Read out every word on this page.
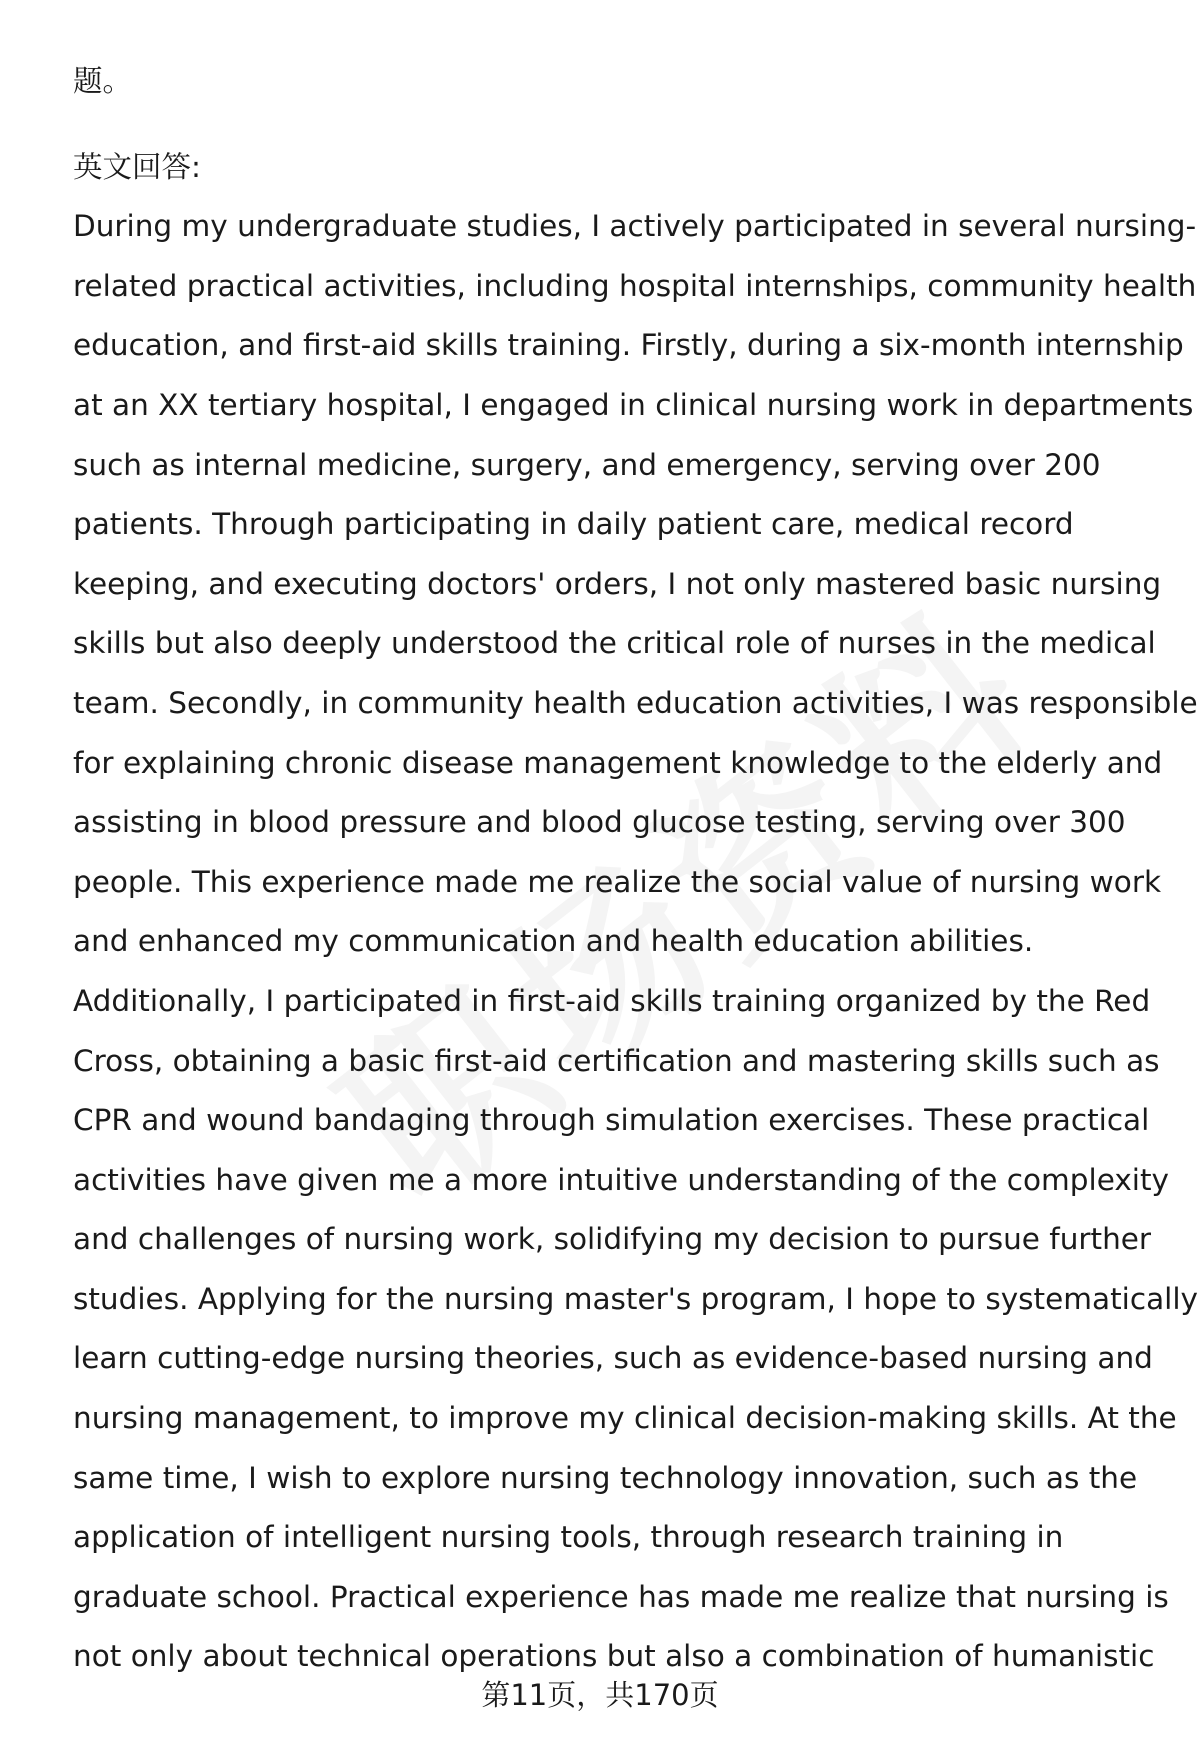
题。
英文回答:
During my undergraduate studies, I actively participated in several nursing-
related practical activities, including hospital internships, community health
education, and first-aid skills training. Firstly, during a six-month internship
at an XX tertiary hospital, I engaged in clinical nursing work in departments
such as internal medicine, surgery, and emergency, serving over 200
patients. Through participating in daily patient care, medical record
keeping, and executing doctors' orders, I not only mastered basic nursing
skills but also deeply understood the critical role of nurses in the medical
team. Secondly, in community health education activities, I was responsible
for explaining chronic disease management knowledge to the elderly and
assisting in blood pressure and blood glucose testing, serving over 300
people. This experience made me realize the social value of nursing work
and enhanced my communication and health education abilities.
Additionally, I participated in first-aid skills training organized by the Red
Cross, obtaining a basic first-aid certification and mastering skills such as
CPR and wound bandaging through simulation exercises. These practical
activities have given me a more intuitive understanding of the complexity
and challenges of nursing work, solidifying my decision to pursue further
studies. Applying for the nursing master's program, I hope to systematically
learn cutting-edge nursing theories, such as evidence-based nursing and
nursing management, to improve my clinical decision-making skills. At the
same time, I wish to explore nursing technology innovation, such as the
application of intelligent nursing tools, through research training in
graduate school. Practical experience has made me realize that nursing is
not only about technical operations but also a combination of humanistic
第11页，共170页
